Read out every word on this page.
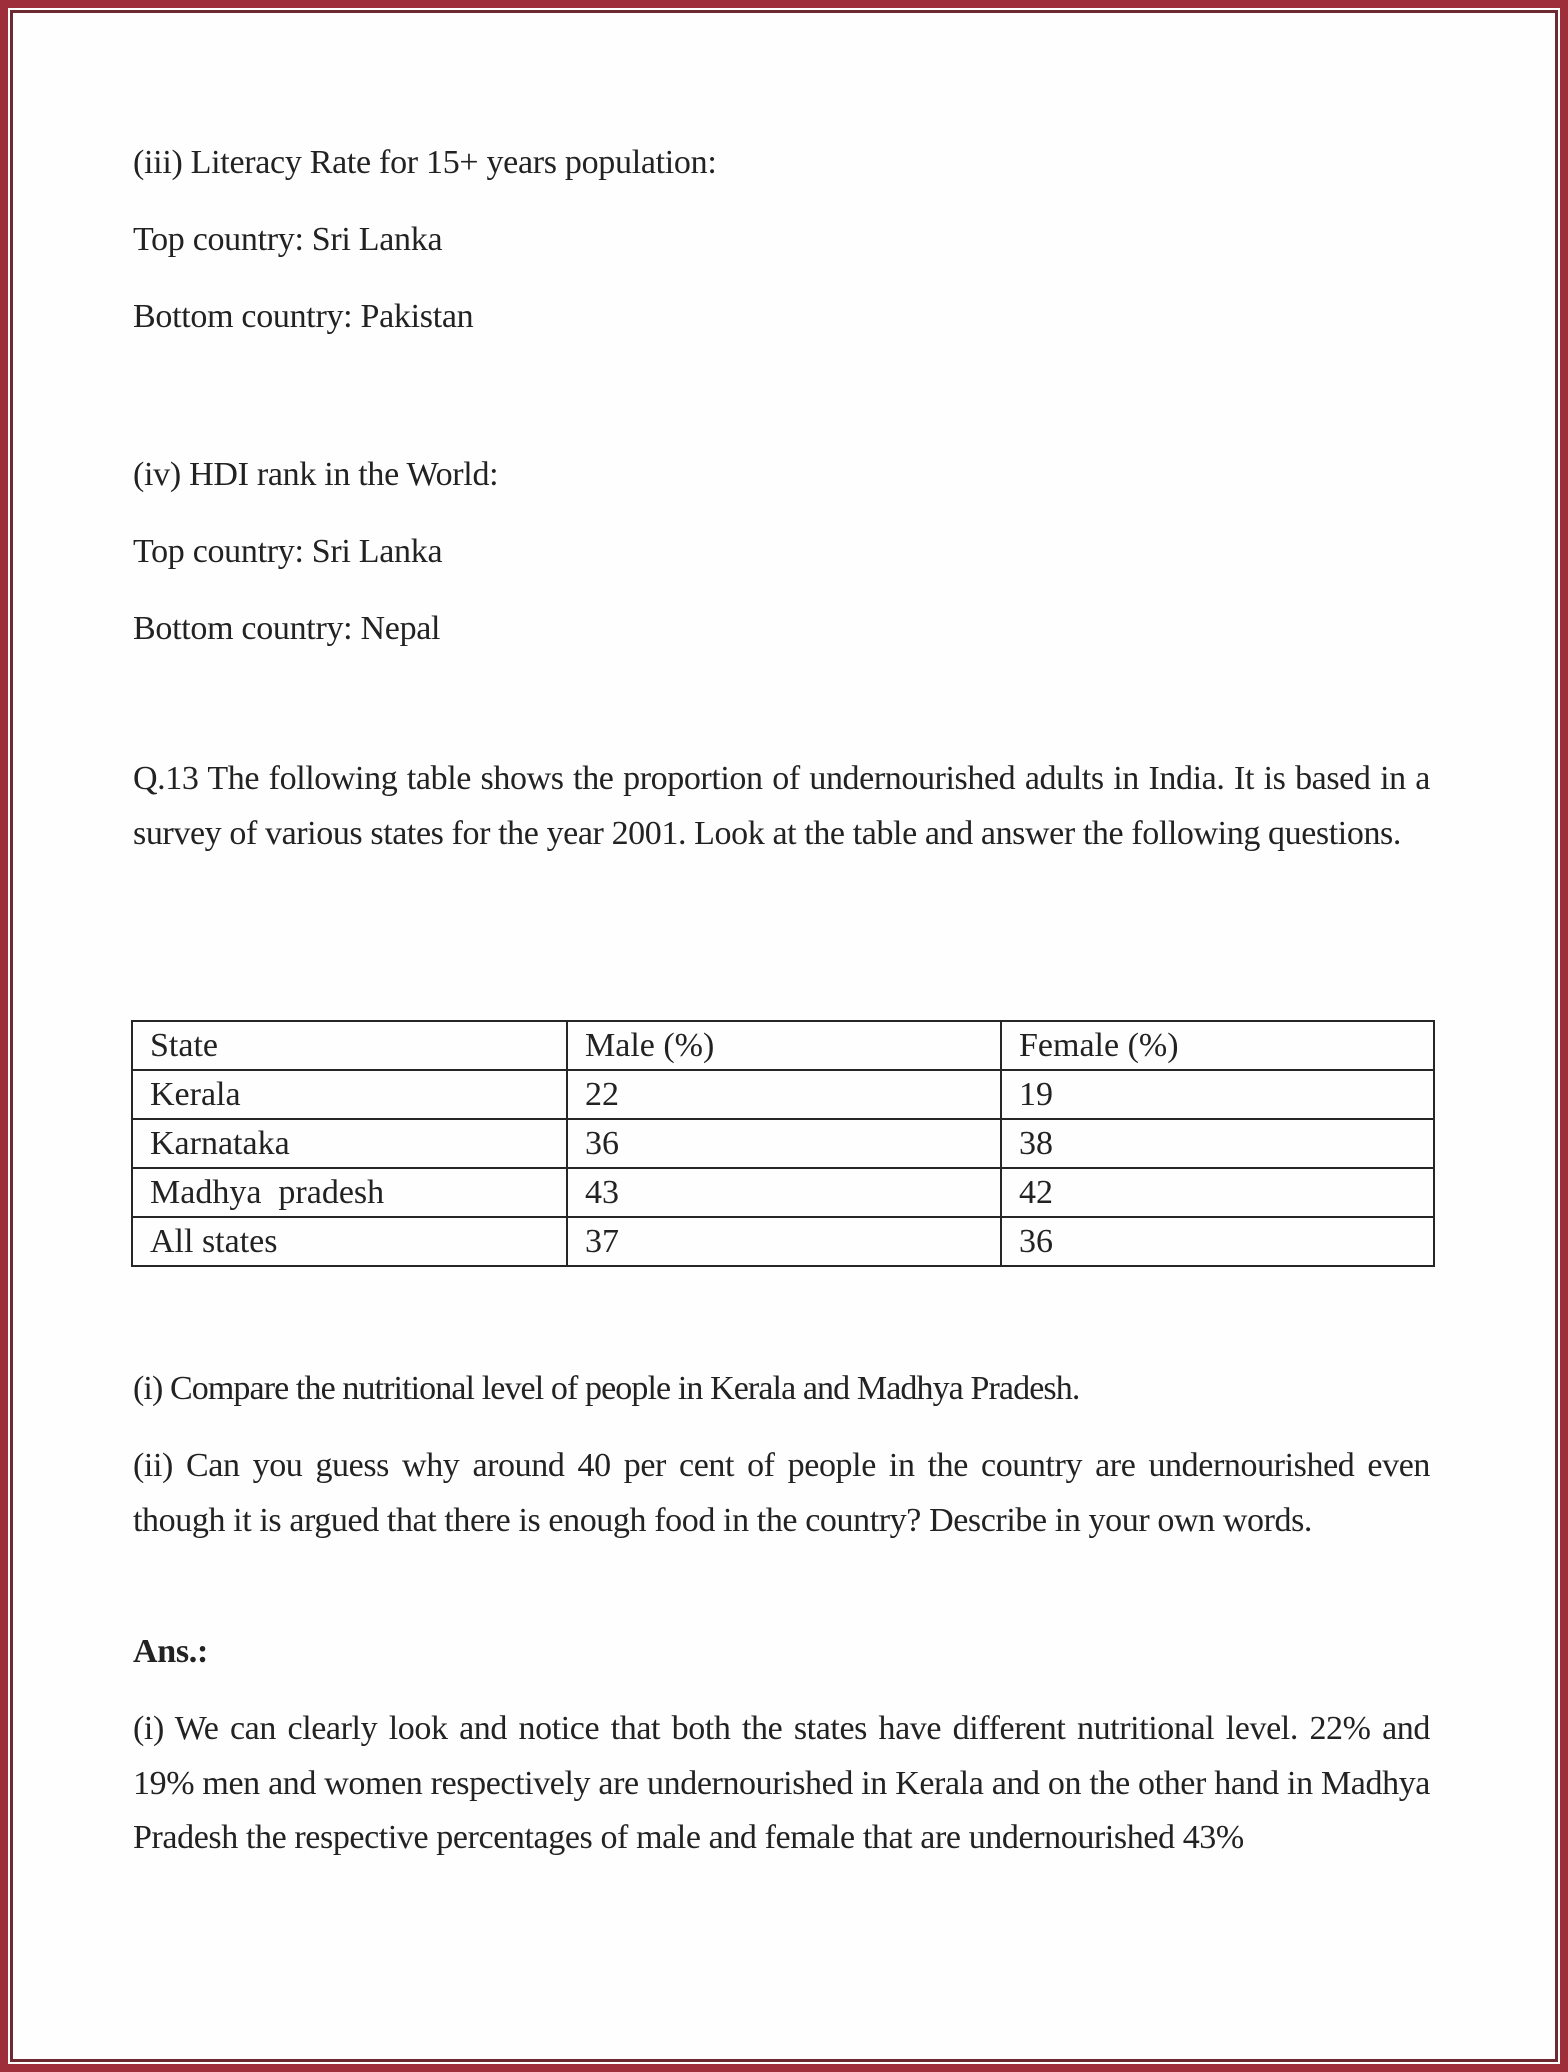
(iii) Literacy Rate for 15+ years population:
Top country: Sri Lanka
Bottom country: Pakistan
(iv) HDI rank in the World:
Top country: Sri Lanka
Bottom country: Nepal
Q.13 The following table shows the proportion of undernourished adults in India. It is based in a survey of various states for the year 2001. Look at the table and answer the following questions.
State	Male (%)	Female (%)
Kerala	22	19
Karnataka	36	38
Madhya  pradesh	43	42
All states	37	36
(i) Compare the nutritional level of people in Kerala and Madhya Pradesh.
(ii) Can you guess why around 40 per cent of people in the country are undernourished even though it is argued that there is enough food in the country? Describe in your own words.
Ans.:
(i) We can clearly look and notice that both the states have different nutritional level. 22% and 19% men and women respectively are undernourished in Kerala and on the other hand in Madhya Pradesh the respective percentages of male and female that are undernourished 43%
